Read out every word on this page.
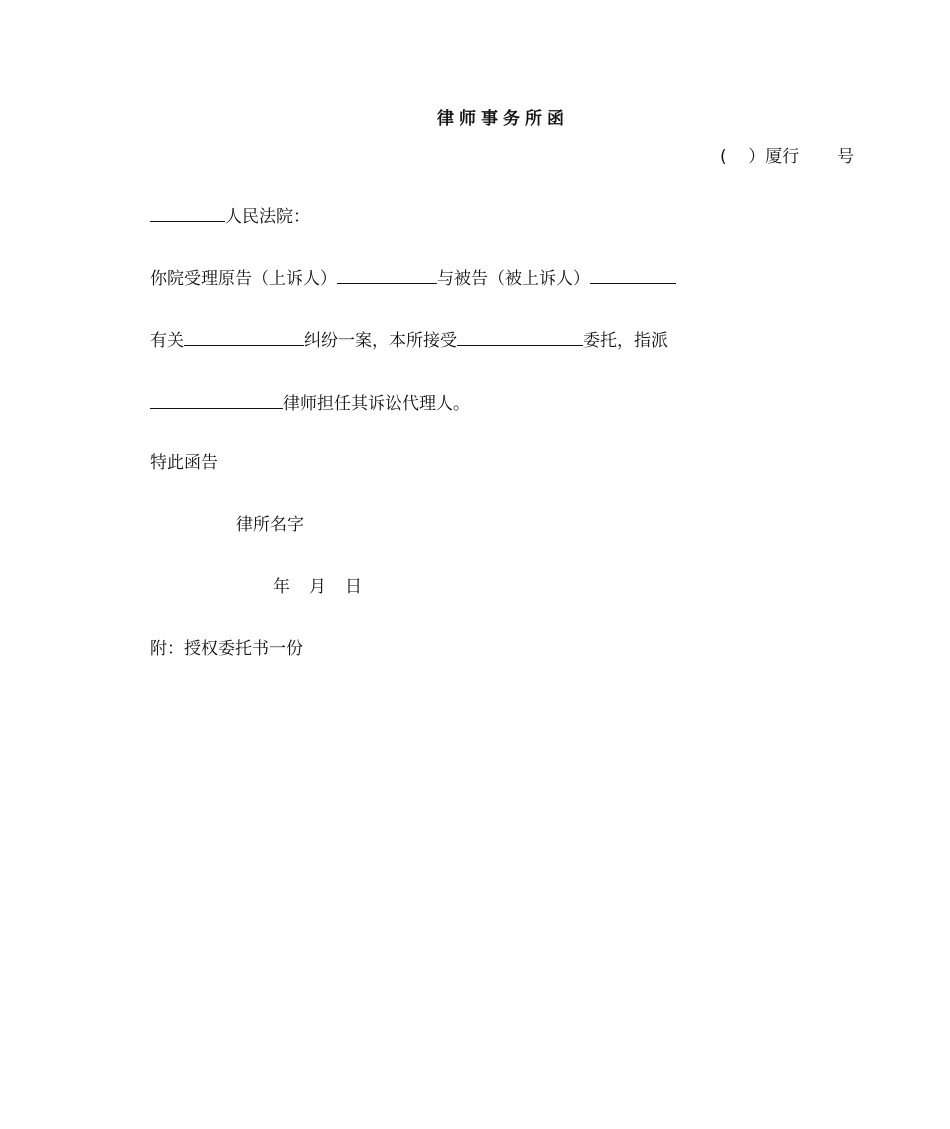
律师事务所函
(    ）厦行       号
人民法院：
你院受理原告（上诉人）	与被告（被上诉人）
有关	纠纷一案，本所接受	委托，指派
律师担任其诉讼代理人。
特此函告
律所名字
年 月 日
附：授权委托书一份
